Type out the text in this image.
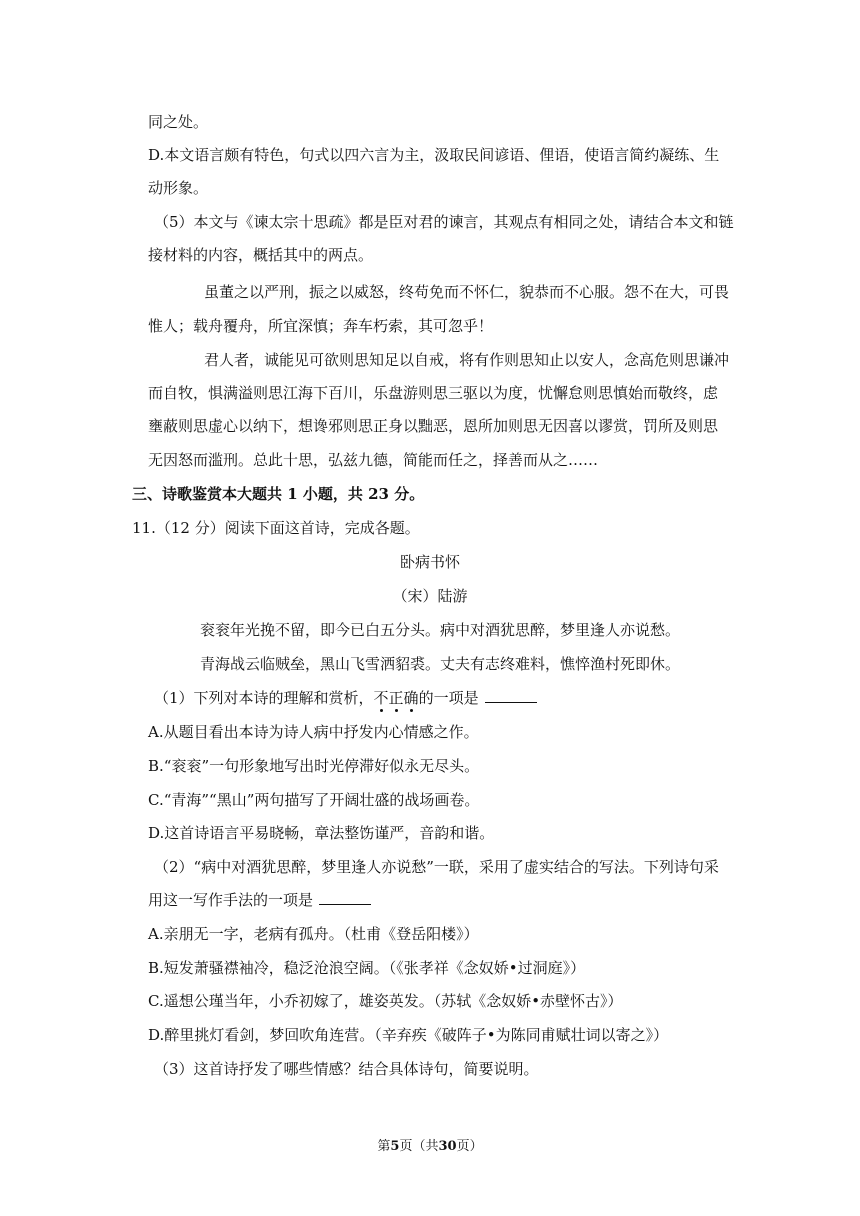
同之处。
D.本文语言颇有特色，句式以四六言为主，汲取民间谚语、俚语，使语言简约凝练、生
动形象。
（5）本文与《谏太宗十思疏》都是臣对君的谏言，其观点有相同之处，请结合本文和链
接材料的内容，概括其中的两点。
虽董之以严刑，振之以威怒，终苟免而不怀仁，貌恭而不心服。怨不在大，可畏
惟人；载舟覆舟，所宜深慎；奔车朽索，其可忽乎！
君人者，诚能见可欲则思知足以自戒，将有作则思知止以安人，念高危则思谦冲
而自牧，惧满溢则思江海下百川，乐盘游则思三驱以为度，忧懈怠则思慎始而敬终，虑
壅蔽则思虚心以纳下，想谗邪则思正身以黜恶，恩所加则思无因喜以谬赏，罚所及则思
无因怒而滥刑。总此十思，弘兹九德，简能而任之，择善而从之……
三、诗歌鉴赏本大题共 1 小题，共 23 分。
11.（12 分）阅读下面这首诗，完成各题。
卧病书怀
（宋）陆游
衮衮年光挽不留，即今已白五分头。病中对酒犹思醉，梦里逢人亦说愁。
青海战云临贼垒，黑山飞雪洒貂裘。丈夫有志终难料，憔悴渔村死即休。
（1）下列对本诗的理解和赏析，不正确
的一项是
A.从题目看出本诗为诗人病中抒发内心情感之作。
B.“衮衮”一句形象地写出时光停滞好似永无尽头。
C.“青海”“黑山”两句描写了开阔壮盛的战场画卷。
D.这首诗语言平易晓畅，章法整饬谨严，音韵和谐。
（2）“病中对酒犹思醉，梦里逢人亦说愁”一联，采用了虚实结合的写法。下列诗句采
用这一写作手法的一项是
A.亲朋无一字，老病有孤舟。（杜甫《登岳阳楼》）
B.短发萧骚襟袖冷，稳泛沧浪空阔。（《张孝祥《念奴娇•过洞庭》）
C.遥想公瑾当年，小乔初嫁了，雄姿英发。（苏轼《念奴娇•赤壁怀古》）
D.醉里挑灯看剑，梦回吹角连营。（辛弃疾《破阵子•为陈同甫赋壮词以寄之》）
（3）这首诗抒发了哪些情感？结合具体诗句，简要说明。
第5页（共30页）
